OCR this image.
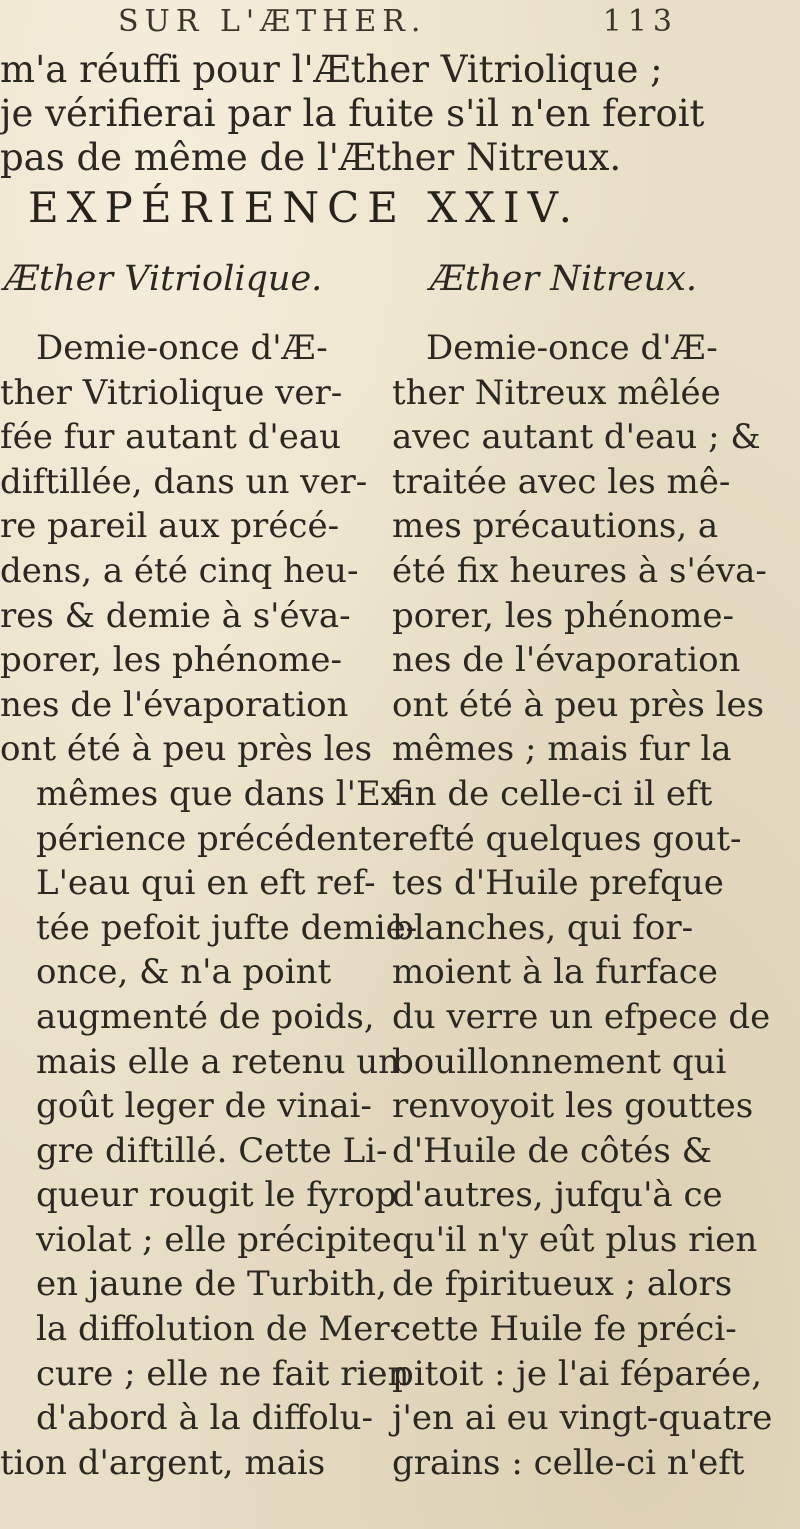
SUR L'ÆTHER.	113
m'a réuffi pour l'Æther Vitriolique ;
je vérifierai par la fuite s'il n'en feroit
pas de même de l'Æther Nitreux.
EXPÉRIENCE XXIV.
Æther Vitriolique.
Demie-once d'Æ-
ther Vitriolique ver-
fée fur autant d'eau
diftillée, dans un ver-
re pareil aux précé-
dens, a été cinq heu-
res & demie à s'éva-
porer, les phénome-
nes de l'évaporation
ont été à peu près les
mêmes que dans l'Ex-
périence précédente.
L'eau qui en eft ref-
tée pefoit jufte demie-
once, & n'a point
augmenté de poids,
mais elle a retenu un
goût leger de vinai-
gre diftillé. Cette Li-
queur rougit le fyrop
violat ; elle précipite
en jaune de Turbith,
la diffolution de Mer-
cure ; elle ne fait rien
d'abord à la diffolu-
tion d'argent, mais
Æther Nitreux.
Demie-once d'Æ-
ther Nitreux mêlée
avec autant d'eau ; &
traitée avec les mê-
mes précautions, a
été fix heures à s'éva-
porer, les phénome-
nes de l'évaporation
ont été à peu près les
mêmes ; mais fur la
fin de celle-ci il eft
refté quelques gout-
tes d'Huile prefque
blanches, qui for-
moient à la furface
du verre un efpece de
bouillonnement qui
renvoyoit les gouttes
d'Huile de côtés &
d'autres, jufqu'à ce
qu'il n'y eût plus rien
de fpiritueux ; alors
cette Huile fe préci-
pitoit : je l'ai féparée,
j'en ai eu vingt-quatre
grains : celle-ci n'eft
